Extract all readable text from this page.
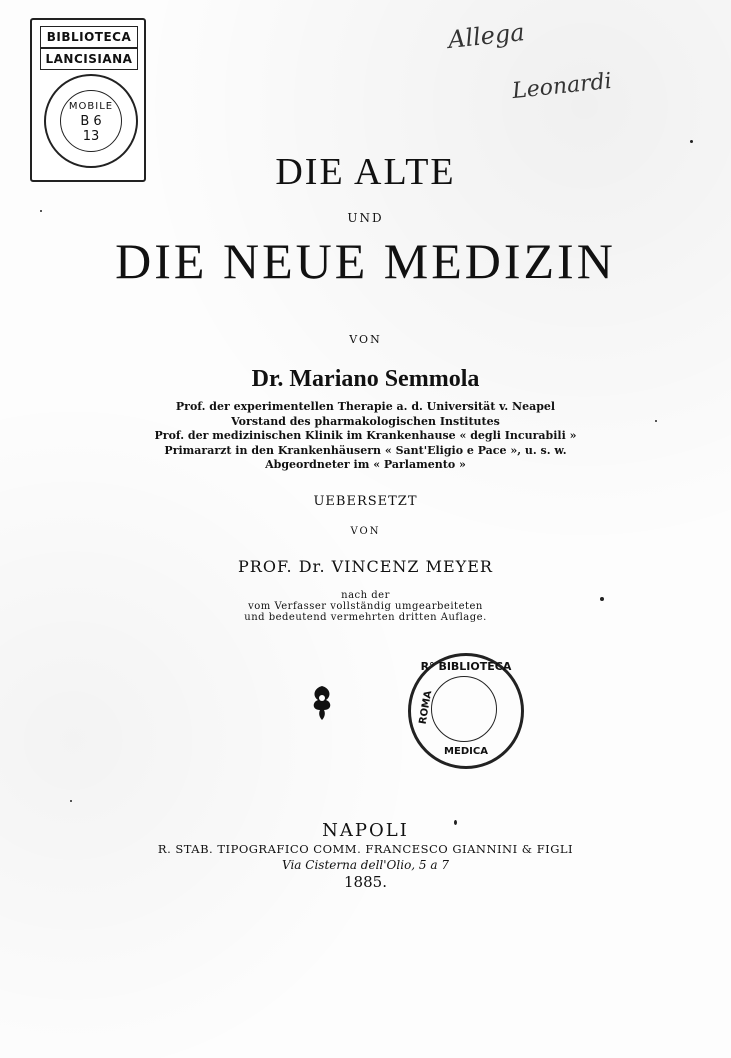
BIBLIOTECA
LANCISIANA
MOBILE
B 6
13
Allega
Leonardi
DIE ALTE
UND
DIE NEUE MEDIZIN
VON
Dr. Mariano Semmola
Prof. der experimentellen Therapie a. d. Universität v. Neapel
Vorstand des pharmakologischen Institutes
Prof. der medizinischen Klinik im Krankenhause « degli Incurabili »
Primararzt in den Krankenhäusern « Sant'Eligio e Pace », u. s. w.
Abgeordneter im « Parlamento »
UEBERSETZT
VON
PROF. Dr. VINCENZ MEYER
nach der
vom Verfasser vollständig umgearbeiteten
und bedeutend vermehrten dritten Auflage.
R° BIBLIOTECA
ROMA
MEDICA
NAPOLI
R. STAB. TIPOGRAFICO COMM. FRANCESCO GIANNINI & FIGLI
Via Cisterna dell'Olio, 5 a 7
1885.
